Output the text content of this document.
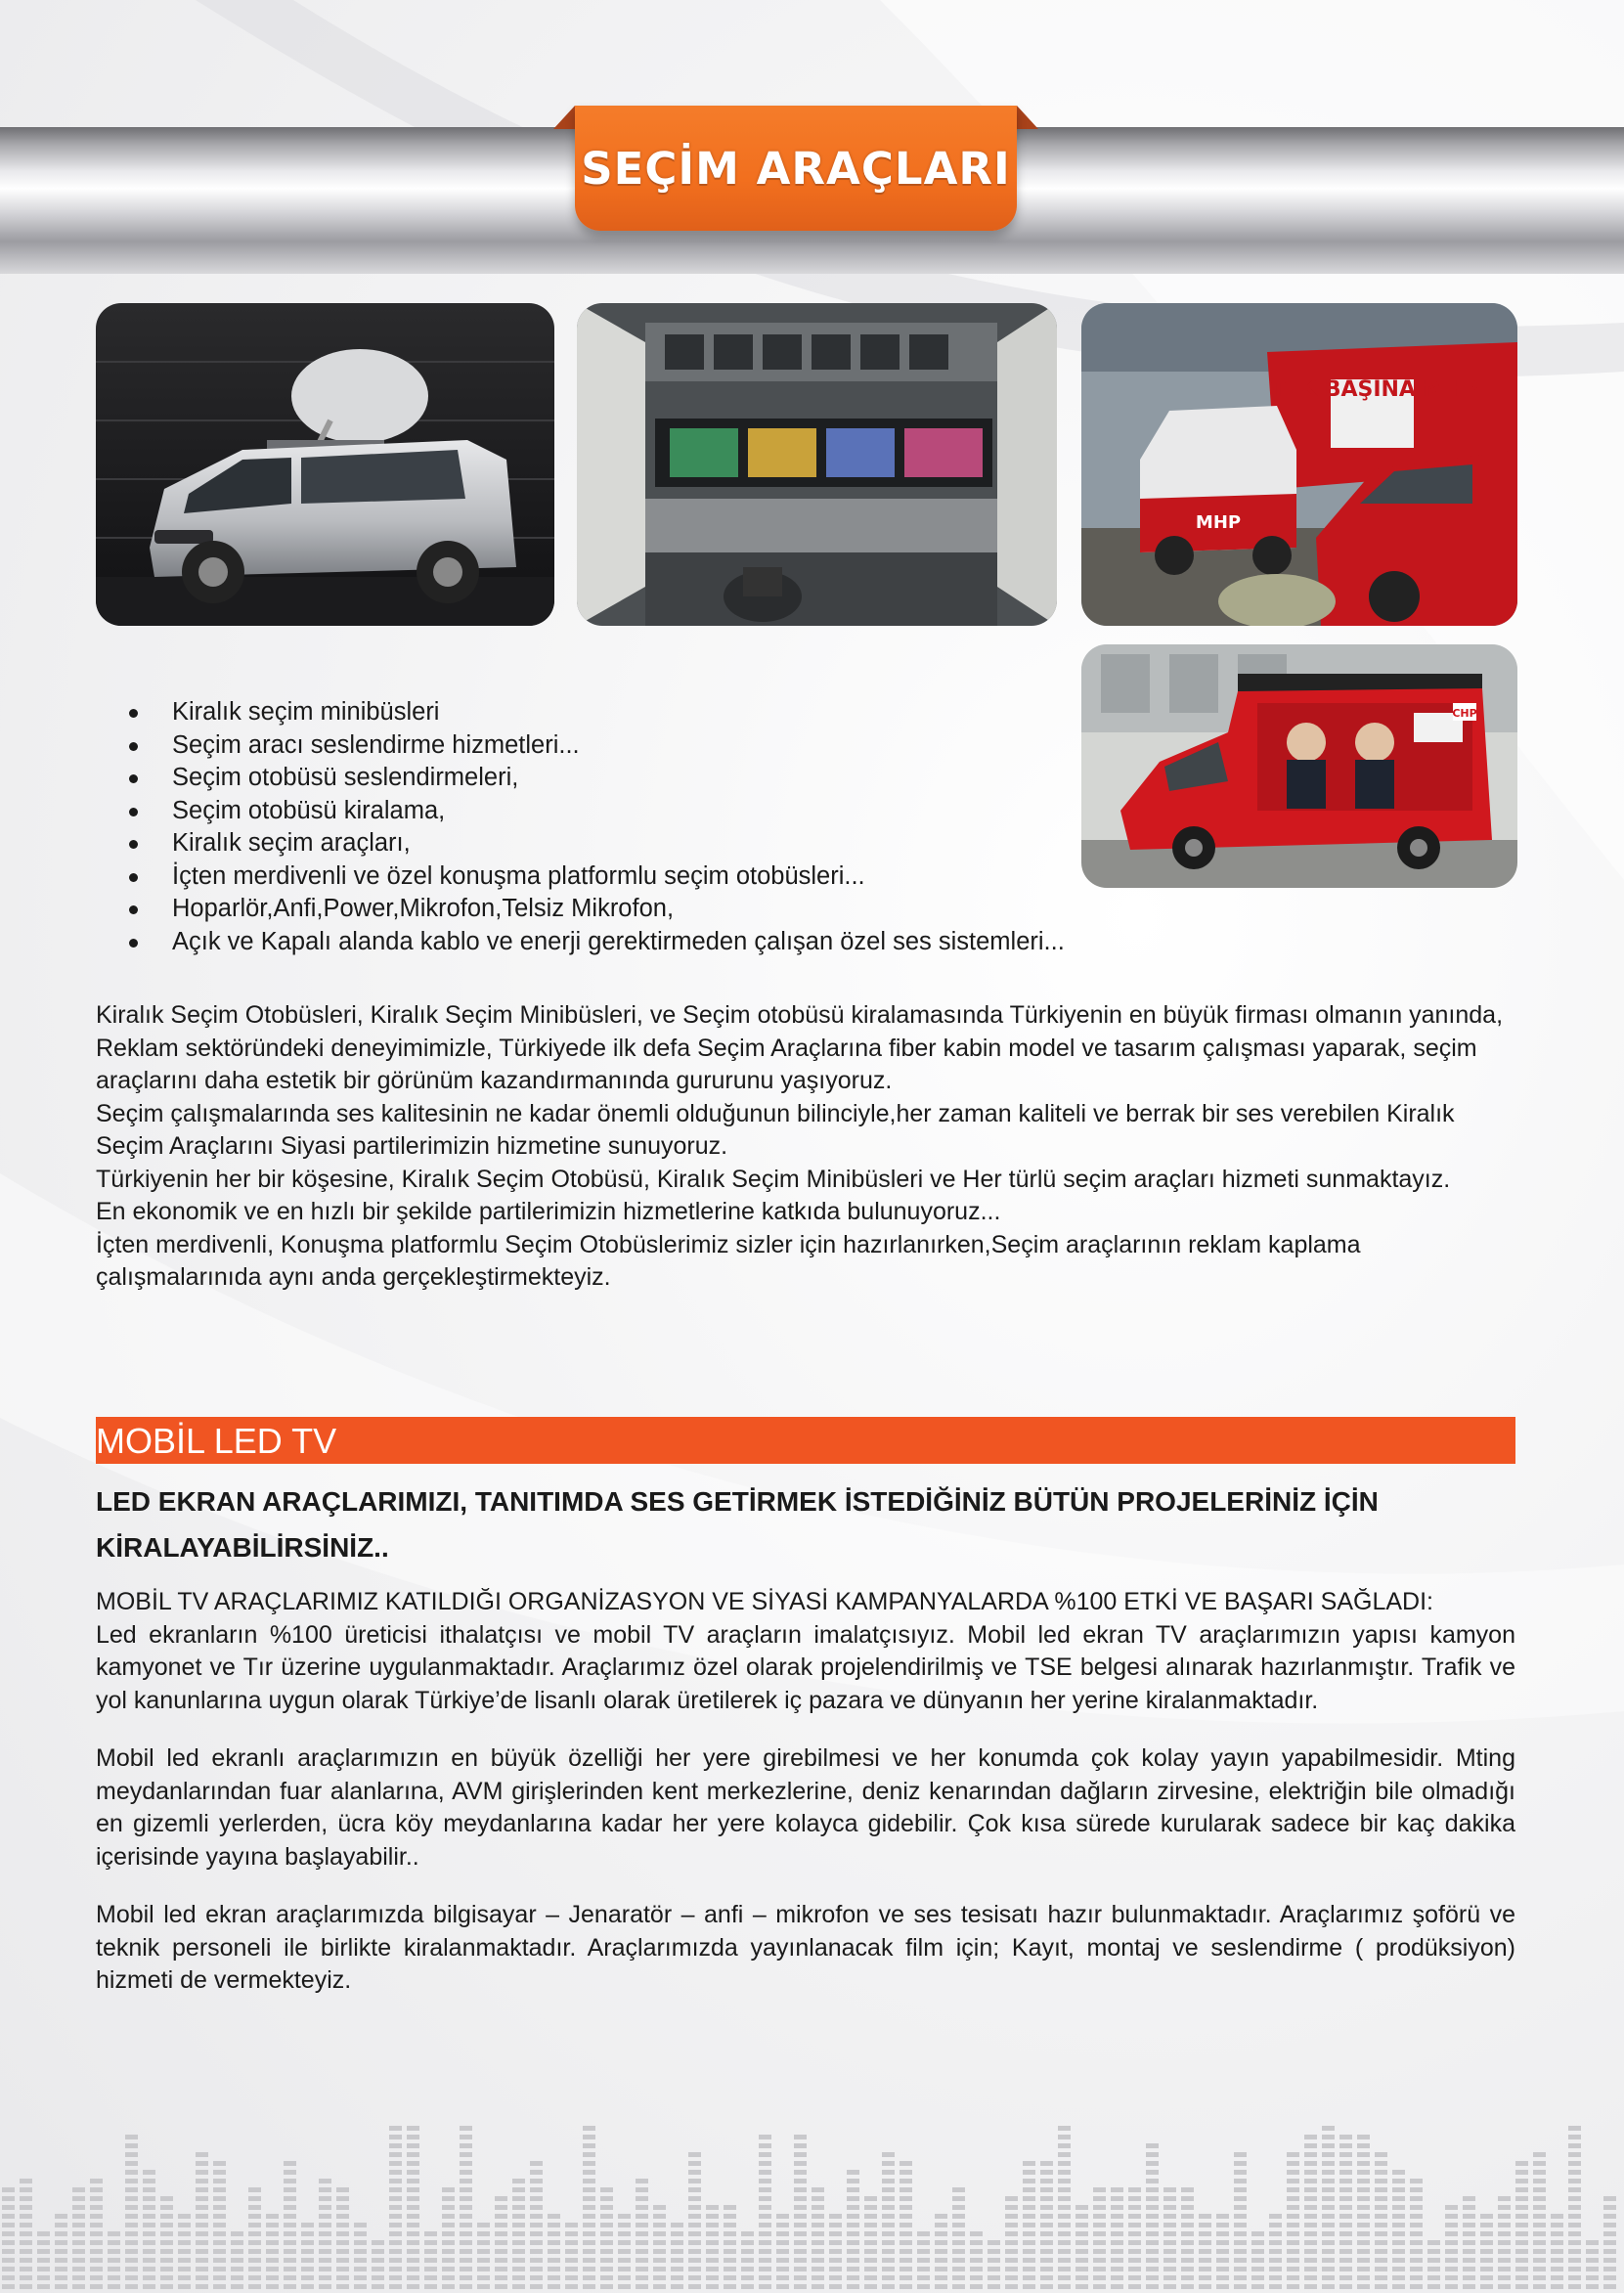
SEÇİM ARAÇLARI
TEK BAŞINA MHP
MHP
CHP
Kiralık seçim minibüsleri
Seçim aracı seslendirme hizmetleri...
Seçim otobüsü seslendirmeleri,
Seçim otobüsü kiralama,
Kiralık seçim araçları,
İçten merdivenli ve özel konuşma platformlu seçim otobüsleri...
Hoparlör,Anfi,Power,Mikrofon,Telsiz Mikrofon,
Açık ve Kapalı alanda kablo ve enerji gerektirmeden çalışan özel ses sistemleri...

Kiralık Seçim Otobüsleri, Kiralık Seçim Minibüsleri, ve Seçim otobüsü kiralamasında Türkiyenin en büyük firması olmanın yanında,

Reklam sektöründeki deneyimimizle, Türkiyede ilk defa Seçim Araçlarına fiber kabin model ve tasarım çalışması yaparak, seçim araçlarını daha estetik bir görünüm kazandırmanında gururunu yaşıyoruz.

Seçim çalışmalarında ses kalitesinin ne kadar önemli olduğunun bilinciyle,her zaman kaliteli ve berrak bir ses verebilen Kiralık Seçim Araçlarını Siyasi partilerimizin hizmetine sunuyoruz.

Türkiyenin her bir köşesine, Kiralık Seçim Otobüsü, Kiralık Seçim Minibüsleri ve Her türlü seçim araçları hizmeti sunmaktayız.

En ekonomik ve en hızlı bir şekilde partilerimizin hizmetlerine katkıda bulunuyoruz...

İçten merdivenli, Konuşma platformlu Seçim Otobüslerimiz sizler için hazırlanırken,Seçim araçlarının reklam kaplama çalışmalarınıda aynı anda gerçekleştirmekteyiz.

MOBİL LED TV

LED EKRAN ARAÇLARIMIZI, TANITIMDA SES GETİRMEK İSTEDİĞİNİZ BÜTÜN PROJELERİNİZ İÇİN KİRALAYABİLİRSİNİZ..

MOBİL TV ARAÇLARIMIZ KATILDIĞI ORGANİZASYON VE SİYASİ KAMPANYALARDA %100 ETKİ VE BAŞARI SAĞLADI:

Led ekranların %100 üreticisi ithalatçısı ve mobil TV araçların imalatçısıyız. Mobil led ekran TV araçlarımızın yapısı kamyon kamyonet ve Tır üzerine uygulanmaktadır. Araçlarımız özel olarak projelendirilmiş ve TSE belgesi alınarak hazırlanmıştır. Trafik ve yol kanunlarına uygun olarak Türkiye’de lisanlı olarak üretilerek iç pazara ve dünyanın her yerine kiralanmaktadır.

Mobil led ekranlı araçlarımızın en büyük özelliği her yere girebilmesi ve her konumda çok kolay yayın yapabilmesidir. Mting meydanlarından fuar alanlarına, AVM girişlerinden kent merkezlerine, deniz kenarından dağların zirvesine, elektriğin bile olmadığı en gizemli yerlerden, ücra köy meydanlarına kadar her yere kolayca gidebilir. Çok kısa sürede kurularak sadece bir kaç dakika içerisinde yayına başlayabilir..

Mobil led ekran araçlarımızda bilgisayar – Jenaratör – anfi – mikrofon ve ses tesisatı hazır bulunmaktadır. Araçlarımız şoförü ve teknik personeli ile birlikte kiralanmaktadır. Araçlarımızda yayınlanacak film için; Kayıt, montaj ve seslendirme ( prodüksiyon) hizmeti de vermekteyiz.
